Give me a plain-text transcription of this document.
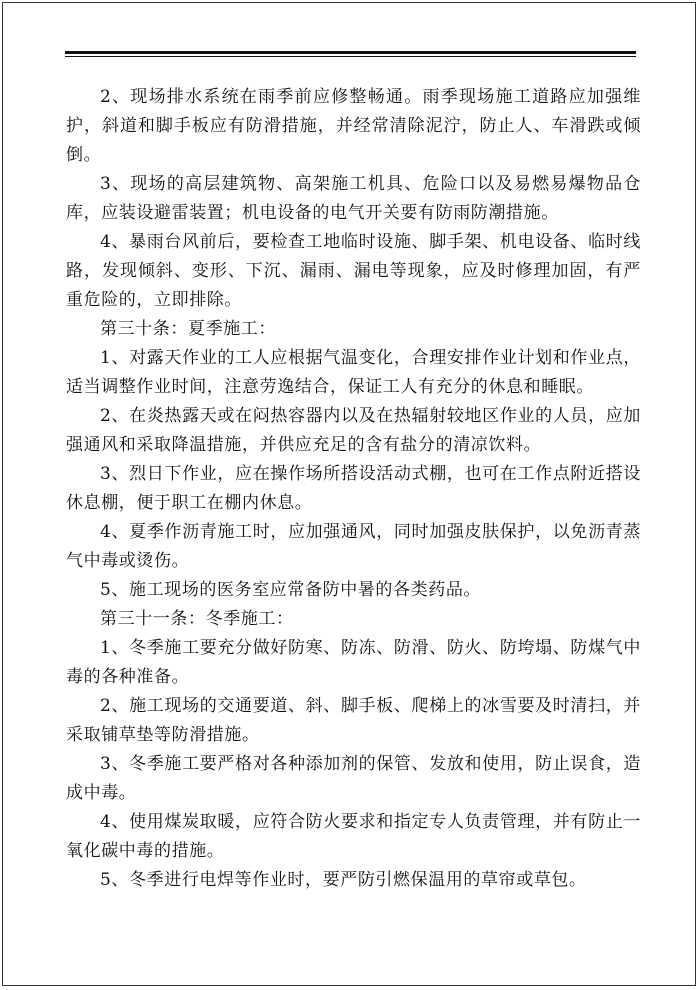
2、现场排水系统在雨季前应修整畅通。雨季现场施工道路应加强维护，斜道和脚手板应有防滑措施，并经常清除泥泞，防止人、车滑跌或倾倒。

3、现场的高层建筑物、高架施工机具、危险口以及易燃易爆物品仓库，应装设避雷装置；机电设备的电气开关要有防雨防潮措施。

4、暴雨台风前后，要检查工地临时设施、脚手架、机电设备、临时线路，发现倾斜、变形、下沉、漏雨、漏电等现象，应及时修理加固，有严重危险的，立即排除。

第三十条：夏季施工：

1、对露天作业的工人应根据气温变化，合理安排作业计划和作业点，适当调整作业时间，注意劳逸结合，保证工人有充分的休息和睡眠。

2、在炎热露天或在闷热容器内以及在热辐射较地区作业的人员，应加强通风和采取降温措施，并供应充足的含有盐分的清凉饮料。

3、烈日下作业，应在操作场所搭设活动式棚，也可在工作点附近搭设休息棚，便于职工在棚内休息。

4、夏季作沥青施工时，应加强通风，同时加强皮肤保护，以免沥青蒸气中毒或烫伤。

5、施工现场的医务室应常备防中暑的各类药品。

第三十一条：冬季施工：

1、冬季施工要充分做好防寒、防冻、防滑、防火、防垮塌、防煤气中毒的各种准备。

2、施工现场的交通要道、斜、脚手板、爬梯上的冰雪要及时清扫，并采取铺草垫等防滑措施。

3、冬季施工要严格对各种添加剂的保管、发放和使用，防止误食，造成中毒。

4、使用煤炭取暖，应符合防火要求和指定专人负责管理，并有防止一氧化碳中毒的措施。

5、冬季进行电焊等作业时，要严防引燃保温用的草帘或草包。
